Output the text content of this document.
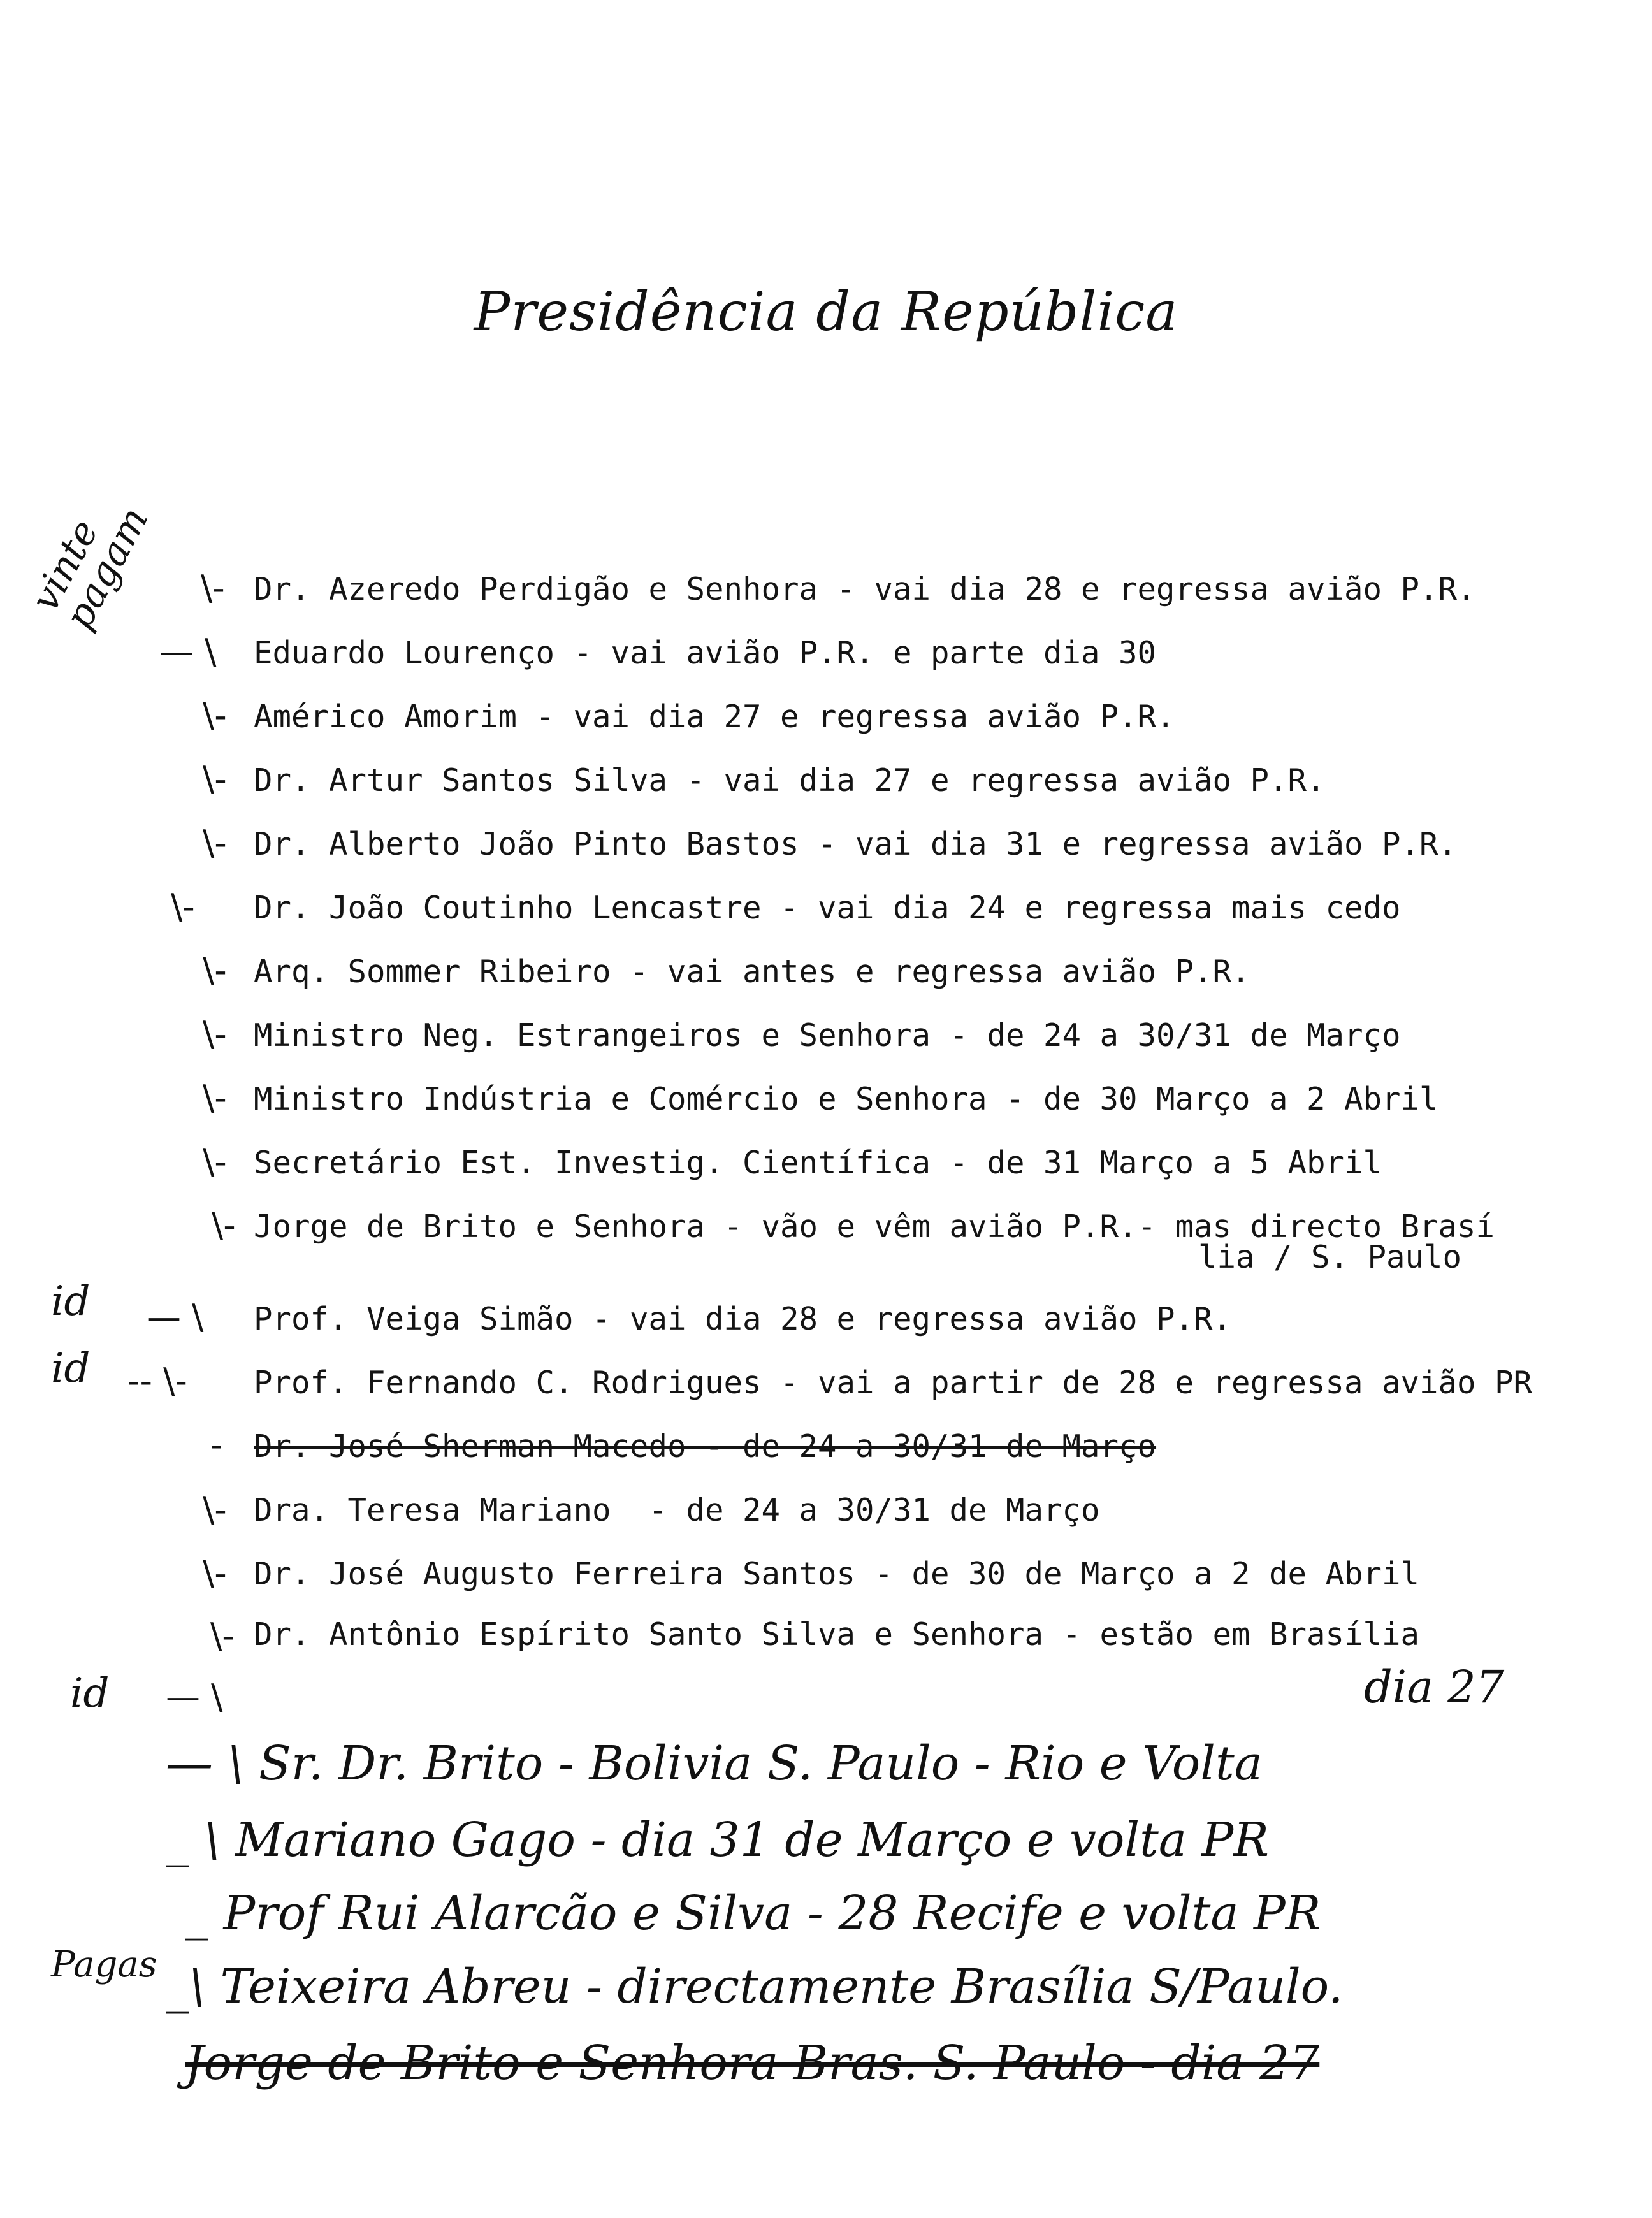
Presidência da República
vinte
pagam
id
id
id
Pagas
\-
— \
\-
\-
\-
\-
\-
\-
\-
\-
\-
— \
-- \-
-
\-
\-
\-
— \
Dr. Azeredo Perdigão e Senhora - vai dia 28 e regressa avião P.R.
Eduardo Lourenço - vai avião P.R. e parte dia 30
Américo Amorim - vai dia 27 e regressa avião P.R.
Dr. Artur Santos Silva - vai dia 27 e regressa avião P.R.
Dr. Alberto João Pinto Bastos - vai dia 31 e regressa avião P.R.
Dr. João Coutinho Lencastre - vai dia 24 e regressa mais cedo
Arq. Sommer Ribeiro - vai antes e regressa avião P.R.
Ministro Neg. Estrangeiros e Senhora - de 24 a 30/31 de Março
Ministro Indústria e Comércio e Senhora - de 30 Março a 2 Abril
Secretário Est. Investig. Científica - de 31 Março a 5 Abril
Jorge de Brito e Senhora - vão e vêm avião P.R.- mas directo Brasí
lia / S. Paulo
Prof. Veiga Simão - vai dia 28 e regressa avião P.R.
Prof. Fernando C. Rodrigues - vai a partir de 28 e regressa avião PR
Dr. José Sherman Macedo - de 24 a 30/31 de Março
Dra. Teresa Mariano  - de 24 a 30/31 de Março
Dr. José Augusto Ferreira Santos - de 30 de Março a 2 de Abril
Dr. Antônio Espírito Santo Silva e Senhora - estão em Brasília
dia 27
— \ Sr. Dr. Brito - Bolivia S. Paulo - Rio e Volta
_ \ Mariano Gago - dia 31 de Março e volta PR
_ Prof Rui Alarcão e Silva - 28 Recife e volta PR
_\ Teixeira Abreu - directamente Brasília S/Paulo.
Jorge de Brito e Senhora Bras. S. Paulo - dia 27
